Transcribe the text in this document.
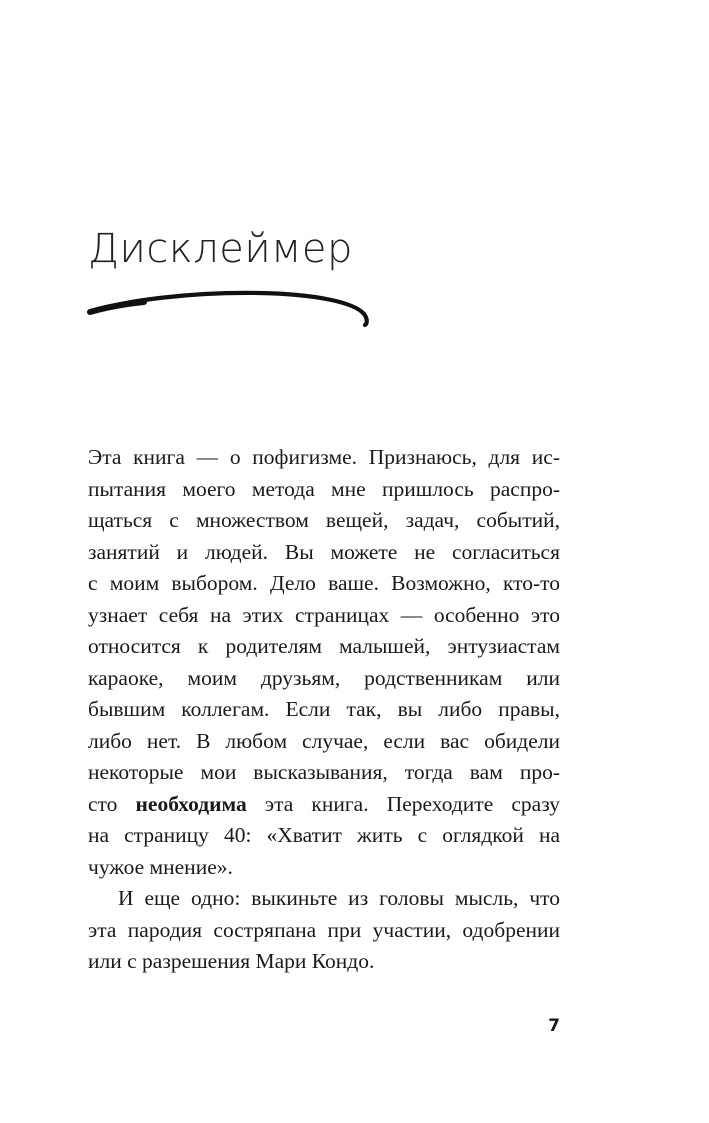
Дисклеймер
Эта книга — о пофигизме. Признаюсь, для ис-
пытания моего метода мне пришлось распро-
щаться с множеством вещей, задач, событий,
занятий и людей. Вы можете не согласиться
с моим выбором. Дело ваше. Возможно, кто-то
узнает себя на этих страницах — особенно это
относится к родителям малышей, энтузиастам
караоке, моим друзьям, родственникам или
бывшим коллегам. Если так, вы либо правы,
либо нет. В любом случае, если вас обидели
некоторые мои высказывания, тогда вам про-
сто необходима эта книга. Переходите сразу
на страницу 40: «Хватит жить с оглядкой на
чужое мнение».
И еще одно: выкиньте из головы мысль, что
эта пародия состряпана при участии, одобрении
или с разрешения Мари Кондо.
7
